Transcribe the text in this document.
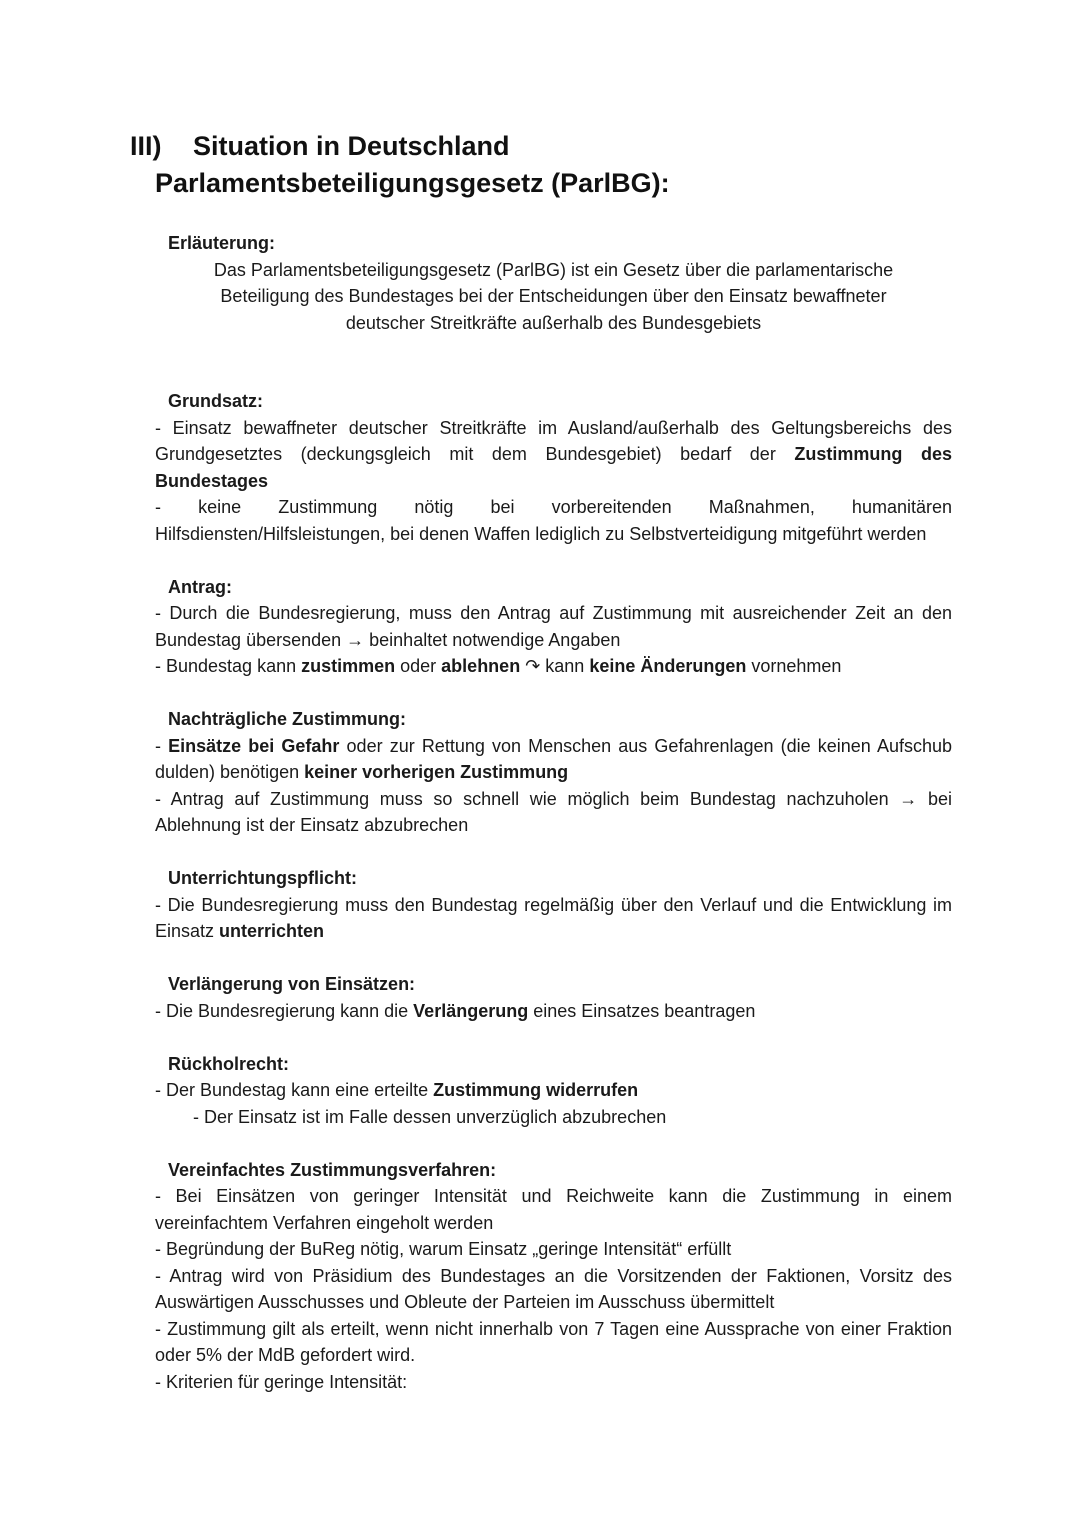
III) Situation in Deutschland
Parlamentsbeteiligungsgesetz (ParlBG):

Erläuterung:

Das Parlamentsbeteiligungsgesetz (ParlBG) ist ein Gesetz über die parlamentarische Beteiligung des Bundestages bei der Entscheidungen über den Einsatz bewaffneter deutscher Streitkräfte außerhalb des Bundesgebiets

Grundsatz:

- Einsatz bewaffneter deutscher Streitkräfte im Ausland/außerhalb des Geltungsbereichs des Grundgesetztes (deckungsgleich mit dem Bundesgebiet) bedarf der Zustimmung des Bundestages

- keine Zustimmung nötig bei vorbereitenden Maßnahmen, humanitären Hilfsdiensten/Hilfsleistungen, bei denen Waffen lediglich zu Selbstverteidigung mitgeführt werden

Antrag:

- Durch die Bundesregierung, muss den Antrag auf Zustimmung mit ausreichender Zeit an den Bundestag übersenden → beinhaltet notwendige Angaben

- Bundestag kann zustimmen oder ablehnen ↷ kann keine Änderungen vornehmen

Nachträgliche Zustimmung:

- Einsätze bei Gefahr oder zur Rettung von Menschen aus Gefahrenlagen (die keinen Aufschub dulden) benötigen keiner vorherigen Zustimmung

- Antrag auf Zustimmung muss so schnell wie möglich beim Bundestag nachzuholen → bei Ablehnung ist der Einsatz abzubrechen

Unterrichtungspflicht:

- Die Bundesregierung muss den Bundestag regelmäßig über den Verlauf und die Entwicklung im Einsatz unterrichten

Verlängerung von Einsätzen:

- Die Bundesregierung kann die Verlängerung eines Einsatzes beantragen

Rückholrecht:

- Der Bundestag kann eine erteilte Zustimmung widerrufen

- Der Einsatz ist im Falle dessen unverzüglich abzubrechen

Vereinfachtes Zustimmungsverfahren:

- Bei Einsätzen von geringer Intensität und Reichweite kann die Zustimmung in einem vereinfachtem Verfahren eingeholt werden

- Begründung der BuReg nötig, warum Einsatz „geringe Intensität“ erfüllt

- Antrag wird von Präsidium des Bundestages an die Vorsitzenden der Faktionen, Vorsitz des Auswärtigen Ausschusses und Obleute der Parteien im Ausschuss übermittelt

- Zustimmung gilt als erteilt, wenn nicht innerhalb von 7 Tagen eine Aussprache von einer Fraktion oder 5% der MdB gefordert wird.

- Kriterien für geringe Intensität:
